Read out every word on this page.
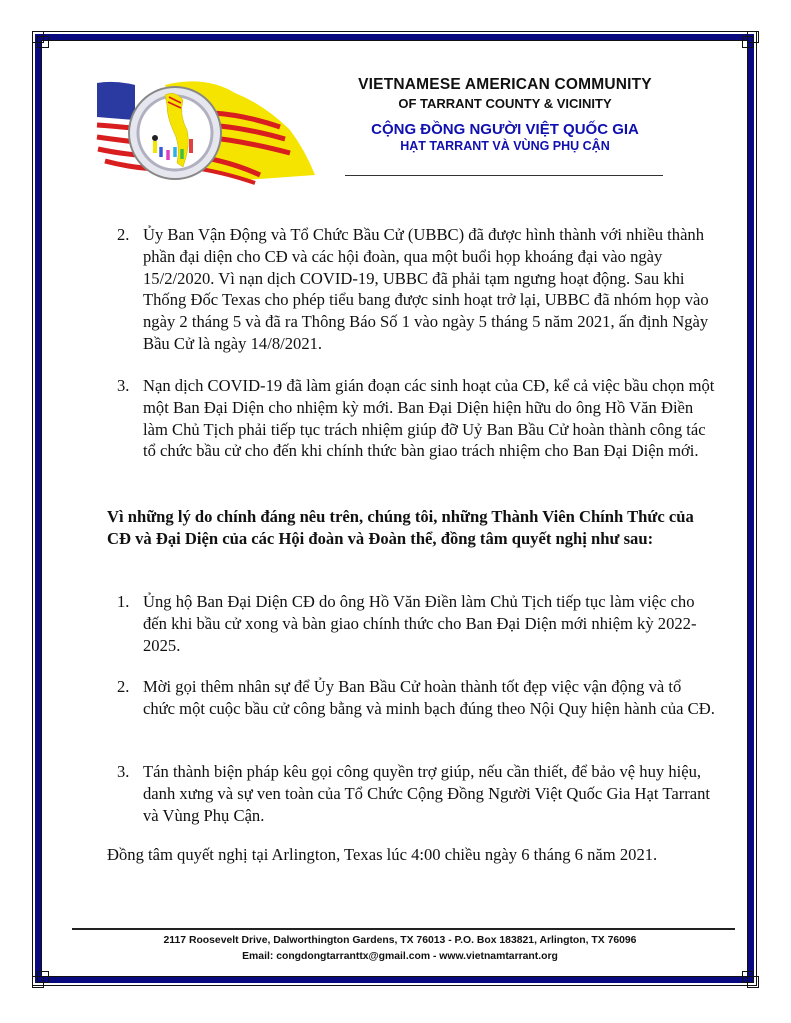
VIETNAMESE AMERICAN COMMUNITY
OF TARRANT COUNTY & VICINITY
CỘNG ĐỒNG NGƯỜI VIỆT QUỐC GIA
HẠT TARRANT VÀ VÙNG PHỤ CẬN
2. Ủy Ban Vận Động và Tổ Chức Bầu Cử (UBBC) đã được hình thành với nhiều thành phần đại diện cho CĐ và các hội đoàn, qua một buổi họp khoáng đại vào ngày 15/2/2020. Vì nạn dịch COVID-19, UBBC đã phải tạm ngưng hoạt động. Sau khi Thống Đốc Texas cho phép tiểu bang được sinh hoạt trở lại, UBBC đã nhóm họp vào ngày 2 tháng 5 và đã ra Thông Báo Số 1 vào ngày 5 tháng 5 năm 2021, ấn định Ngày Bầu Cử là ngày 14/8/2021.
3. Nạn dịch COVID-19 đã làm gián đoạn các sinh hoạt của CĐ, kể cả việc bầu chọn một một Ban Đại Diện cho nhiệm kỳ mới. Ban Đại Diện hiện hữu do ông Hồ Văn Điền làm Chủ Tịch phải tiếp tục trách nhiệm giúp đỡ Uỷ Ban Bầu Cử hoàn thành công tác tổ chức bầu cử cho đến khi chính thức bàn giao trách nhiệm cho Ban Đại Diện mới.
Vì những lý do chính đáng nêu trên, chúng tôi, những Thành Viên Chính Thức của CĐ và Đại Diện của các Hội đoàn và Đoàn thể, đồng tâm quyết nghị như sau:
1. Ủng hộ Ban Đại Diện CĐ do ông Hồ Văn Điền làm Chủ Tịch tiếp tục làm việc cho đến khi bầu cử xong và bàn giao chính thức cho Ban Đại Diện mới nhiệm kỳ 2022-2025.
2. Mời gọi thêm nhân sự để Ủy Ban Bầu Cử hoàn thành tốt đẹp việc vận động và tổ chức một cuộc bầu cử công bằng và minh bạch đúng theo Nội Quy hiện hành của CĐ.
3. Tán thành biện pháp kêu gọi công quyền trợ giúp, nếu cần thiết, để bảo vệ huy hiệu, danh xưng và sự ven toàn của Tổ Chức Cộng Đồng Người Việt Quốc Gia Hạt Tarrant và Vùng Phụ Cận.
Đồng tâm quyết nghị tại Arlington, Texas lúc 4:00 chiều ngày 6 tháng 6 năm 2021.
2117 Roosevelt Drive, Dalworthington Gardens, TX 76013 - P.O. Box 183821, Arlington, TX 76096
Email: congdongtarranttx@gmail.com - www.vietnamtarrant.org
